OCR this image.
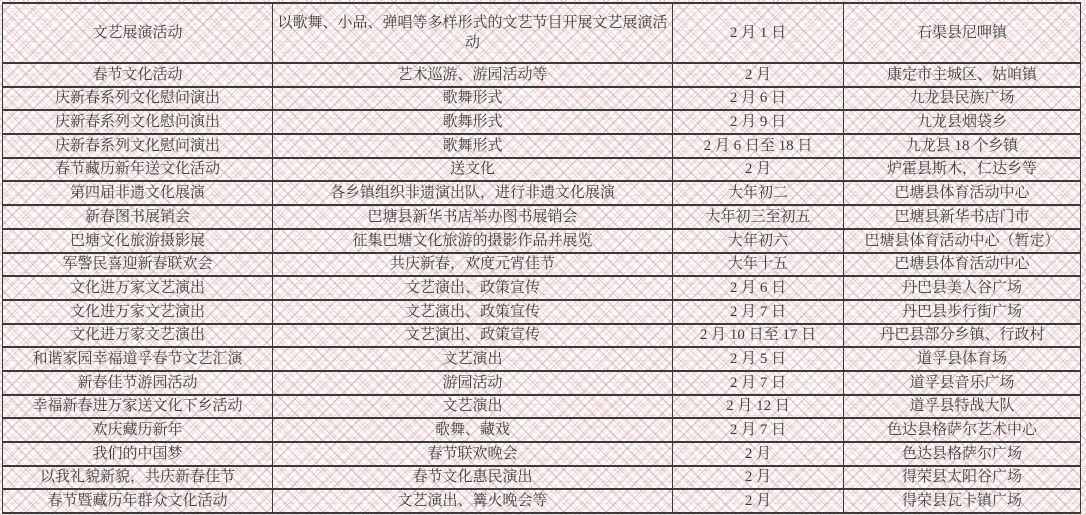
文艺展演活动	以歌舞、小品、弹唱等多样形式的文艺节目开展文艺展演活动	2 月 1 日	石渠县尼呷镇
春节文化活动	艺术巡游、游园活动等	2 月	康定市主城区、姑咱镇
庆新春系列文化慰问演出	歌舞形式	2 月 6 日	九龙县民族广场
庆新春系列文化慰问演出	歌舞形式	2 月 9 日	九龙县烟袋乡
庆新春系列文化慰问演出	歌舞形式	2 月 6 日至 18 日	九龙县 18 个乡镇
春节藏历新年送文化活动	送文化	2 月	炉霍县斯木，仁达乡等
第四届非遗文化展演	各乡镇组织非遗演出队，进行非遗文化展演	大年初二	巴塘县体育活动中心
新春图书展销会	巴塘县新华书店举办图书展销会	大年初三至初五	巴塘县新华书店门市
巴塘文化旅游摄影展	征集巴塘文化旅游的摄影作品并展览	大年初六	巴塘县体育活动中心（暂定）
军警民喜迎新春联欢会	共庆新春，欢度元宵佳节	大年十五	巴塘县体育活动中心
文化进万家文艺演出	文艺演出、政策宣传	2 月 6 日	丹巴县美人谷广场
文化进万家文艺演出	文艺演出、政策宣传	2 月 7 日	丹巴县步行街广场
文化进万家文艺演出	文艺演出、政策宣传	2 月 10 日至 17 日	丹巴县部分乡镇、行政村
和谐家园幸福道孚春节文艺汇演	文艺演出	2 月 5 日	道孚县体育场
新春佳节游园活动	游园活动	2 月 7 日	道孚县音乐广场
幸福新春进万家送文化下乡活动	文艺演出	2 月 12 日	道孚县特战大队
欢庆藏历新年	歌舞、藏戏	2 月 7 日	色达县格萨尔艺术中心
我们的中国梦	春节联欢晚会	2 月	色达县格萨尔广场
以我礼貌新貌，共庆新春佳节	春节文化惠民演出	2 月	得荣县太阳谷广场
春节暨藏历年群众文化活动	文艺演出、篝火晚会等	2 月	得荣县瓦卡镇广场
